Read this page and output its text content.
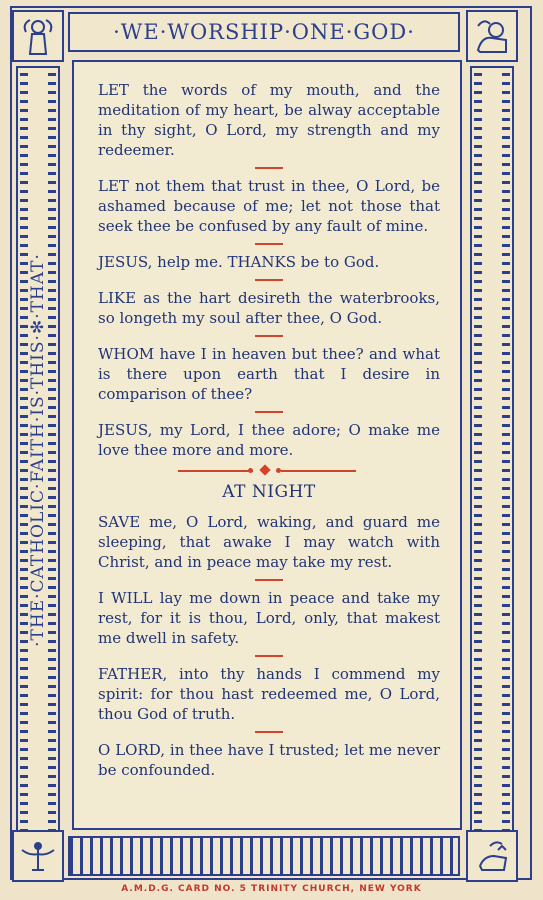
·WE·WORSHIP·ONE·GOD·
·THE·CATHOLIC·FAITH·IS·THIS·✻·THAT·

LET the words of my mouth, and the meditation of my heart, be alway acceptable in thy sight, O Lord, my strength and my redeemer.

LET not them that trust in thee, O Lord, be ashamed because of me; let not those that seek thee be confused by any fault of mine.

JESUS, help me. THANKS be to God.

LIKE as the hart desireth the waterbrooks, so longeth my soul after thee, O God.

WHOM have I in heaven but thee? and what is there upon earth that I desire in comparison of thee?

JESUS, my Lord, I thee adore; O make me love thee more and more.

AT NIGHT

SAVE me, O Lord, waking, and guard me sleeping, that awake I may watch with Christ, and in peace may take my rest.

I WILL lay me down in peace and take my rest, for it is thou, Lord, only, that makest me dwell in safety.

FATHER, into thy hands I commend my spirit: for thou hast redeemed me, O Lord, thou God of truth.

O LORD, in thee have I trusted; let me never be confounded.

A.M.D.G. CARD NO. 5 TRINITY CHURCH, NEW YORK
